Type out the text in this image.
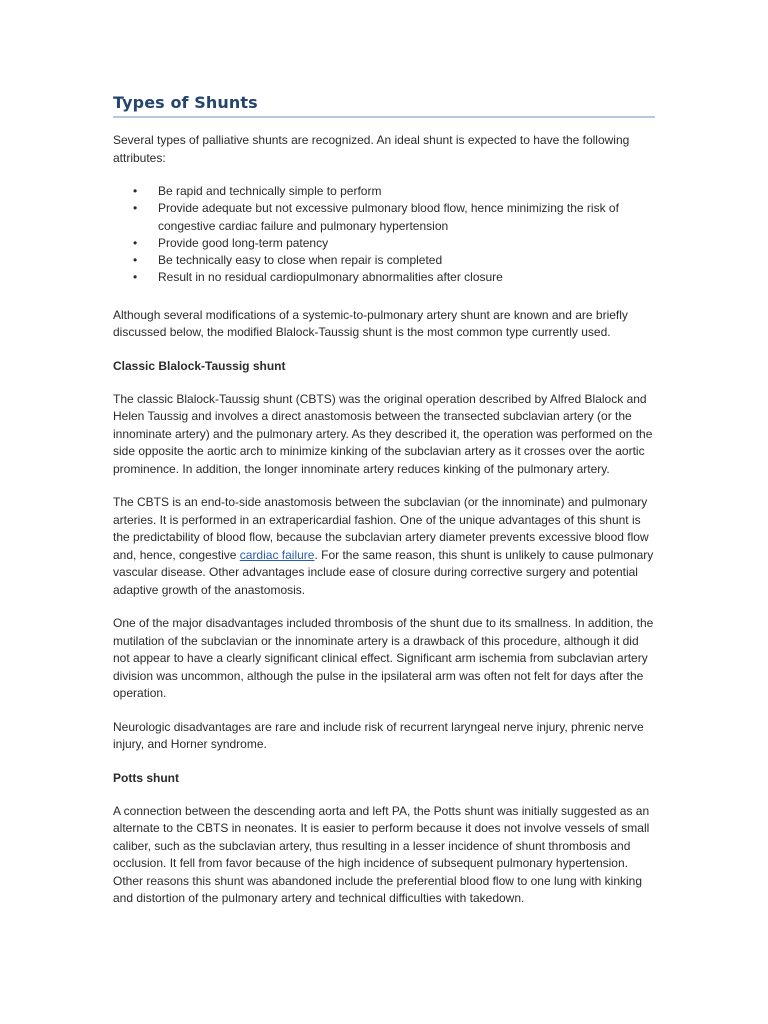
Types of Shunts

Several types of palliative shunts are recognized. An ideal shunt is expected to have the following attributes:

• Be rapid and technically simple to perform
• Provide adequate but not excessive pulmonary blood flow, hence minimizing the risk of congestive cardiac failure and pulmonary hypertension
• Provide good long-term patency
• Be technically easy to close when repair is completed
• Result in no residual cardiopulmonary abnormalities after closure

Although several modifications of a systemic-to-pulmonary artery shunt are known and are briefly discussed below, the modified Blalock-Taussig shunt is the most common type currently used.

Classic Blalock-Taussig shunt

The classic Blalock-Taussig shunt (CBTS) was the original operation described by Alfred Blalock and Helen Taussig and involves a direct anastomosis between the transected subclavian artery (or the innominate artery) and the pulmonary artery. As they described it, the operation was performed on the side opposite the aortic arch to minimize kinking of the subclavian artery as it crosses over the aortic prominence. In addition, the longer innominate artery reduces kinking of the pulmonary artery.

The CBTS is an end-to-side anastomosis between the subclavian (or the innominate) and pulmonary arteries. It is performed in an extrapericardial fashion. One of the unique advantages of this shunt is the predictability of blood flow, because the subclavian artery diameter prevents excessive blood flow and, hence, congestive cardiac failure. For the same reason, this shunt is unlikely to cause pulmonary vascular disease. Other advantages include ease of closure during corrective surgery and potential adaptive growth of the anastomosis.

One of the major disadvantages included thrombosis of the shunt due to its smallness. In addition, the mutilation of the subclavian or the innominate artery is a drawback of this procedure, although it did not appear to have a clearly significant clinical effect. Significant arm ischemia from subclavian artery division was uncommon, although the pulse in the ipsilateral arm was often not felt for days after the operation.

Neurologic disadvantages are rare and include risk of recurrent laryngeal nerve injury, phrenic nerve injury, and Horner syndrome.

Potts shunt

A connection between the descending aorta and left PA, the Potts shunt was initially suggested as an alternate to the CBTS in neonates. It is easier to perform because it does not involve vessels of small caliber, such as the subclavian artery, thus resulting in a lesser incidence of shunt thrombosis and occlusion. It fell from favor because of the high incidence of subsequent pulmonary hypertension. Other reasons this shunt was abandoned include the preferential blood flow to one lung with kinking and distortion of the pulmonary artery and technical difficulties with takedown.
